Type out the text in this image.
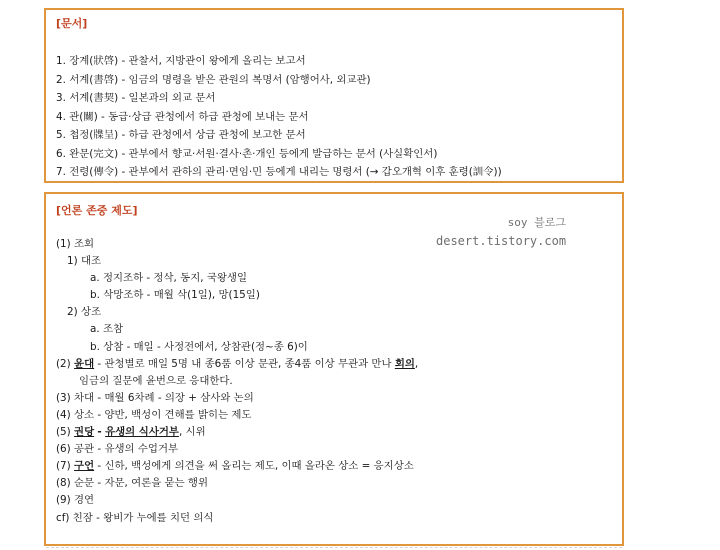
[문서]
1. 장계(狀啓) - 관찰서, 지방관이 왕에게 올리는 보고서
2. 서계(書啓) - 임금의 명령을 받은 관원의 복명서 (암행어사, 외교관)
3. 서계(書契) - 일본과의 외교 문서
4. 관(關) - 동급·상급 관청에서 하급 관청에 보내는 문서
5. 첩정(牒呈) - 하급 관청에서 상급 관청에 보고한 문서
6. 완문(完文) - 관부에서 향교·서원·결사·촌·개인 등에게 발급하는 문서 (사실확인서)
7. 전령(傳令) - 관부에서 관하의 관리·면임·민 등에게 내리는 명령서 (→ 갑오개혁 이후 훈령(訓令))
[언론 존중 제도]
soy 블로그
desert.tistory.com
(1) 조회
1) 대조
a. 정지조하 - 정삭, 동지, 국왕생일
b. 삭망조하 - 매월 삭(1일), 망(15일)
2) 상조
a. 조참
b. 상참 - 매일 - 사정전에서, 상참관(정~종 6)이
(2) 윤대 - 관청별로 매일 5명 내 종6품 이상 문관, 종4품 이상 무관과 만나 회의,
임금의 질문에 윤번으로 응대한다.
(3) 차대 - 매월 6차례 - 의장 + 삼사와 논의
(4) 상소 - 양반, 백성이 견해를 밝히는 제도
(5) 권당 - 유생의 식사거부, 시위
(6) 공관 - 유생의 수업거부
(7) 구언 - 신하, 백성에게 의견을 써 올리는 제도, 이때 올라온 상소 = 응지상소
(8) 순문 - 자문, 여론을 묻는 행위
(9) 경연
cf) 친잠 - 왕비가 누에를 치던 의식
